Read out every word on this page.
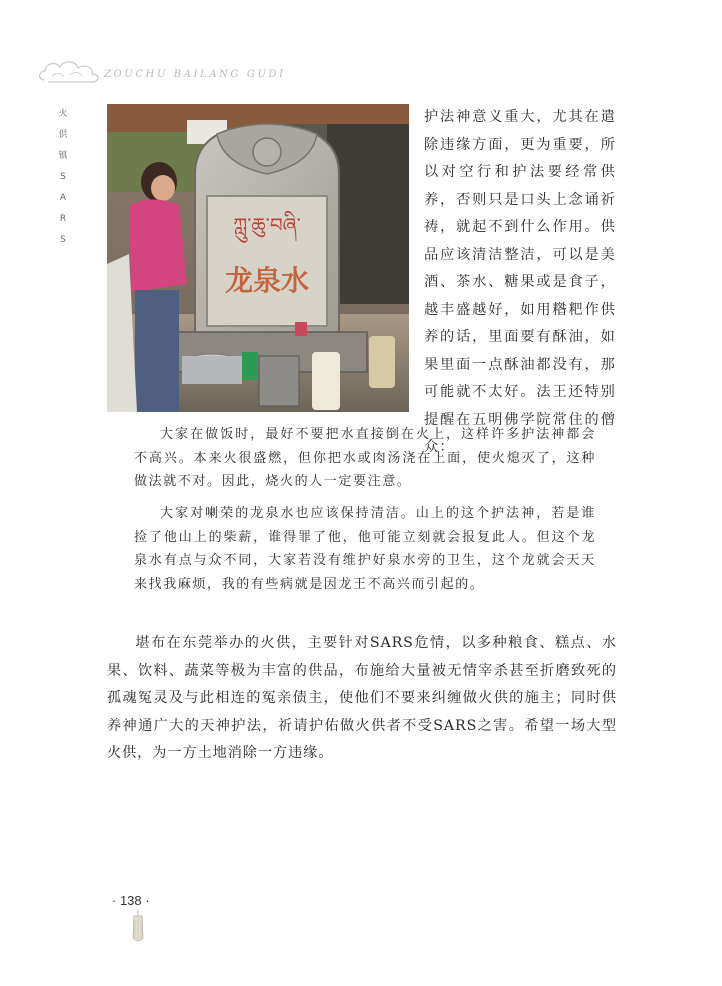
ZOUCHU BAILANG GUDI
火
供
镇
S
A
R
S
ཀླུ་ཆུ་བཞི་
龙泉水
护法神意义重大，尤其在遣除违缘方面，更为重要，所以对空行和护法要经常供养，否则只是口头上念诵祈祷，就起不到什么作用。供品应该清洁整洁，可以是美酒、茶水、糖果或是食子，越丰盛越好，如用糌粑作供养的话，里面要有酥油，如果里面一点酥油都没有，那可能就不太好。法王还特别提醒在五明佛学院常住的僧众：
大家在做饭时，最好不要把水直接倒在火上，这样许多护法神都会不高兴。本来火很盛燃，但你把水或肉汤浇在上面，使火熄灭了，这种做法就不对。因此，烧火的人一定要注意。
大家对喇荣的龙泉水也应该保持清洁。山上的这个护法神，若是谁捡了他山上的柴薪，谁得罪了他，他可能立刻就会报复此人。但这个龙泉水有点与众不同，大家若没有维护好泉水旁的卫生，这个龙就会天天来找我麻烦，我的有些病就是因龙王不高兴而引起的。
堪布在东莞举办的火供，主要针对SARS危情，以多种粮食、糕点、水果、饮料、蔬菜等极为丰富的供品，布施给大量被无情宰杀甚至折磨致死的孤魂冤灵及与此相连的冤亲债主，使他们不要来纠缠做火供的施主；同时供养神通广大的天神护法，祈请护佑做火供者不受SARS之害。希望一场大型火供，为一方土地消除一方违缘。
· 138 ·
